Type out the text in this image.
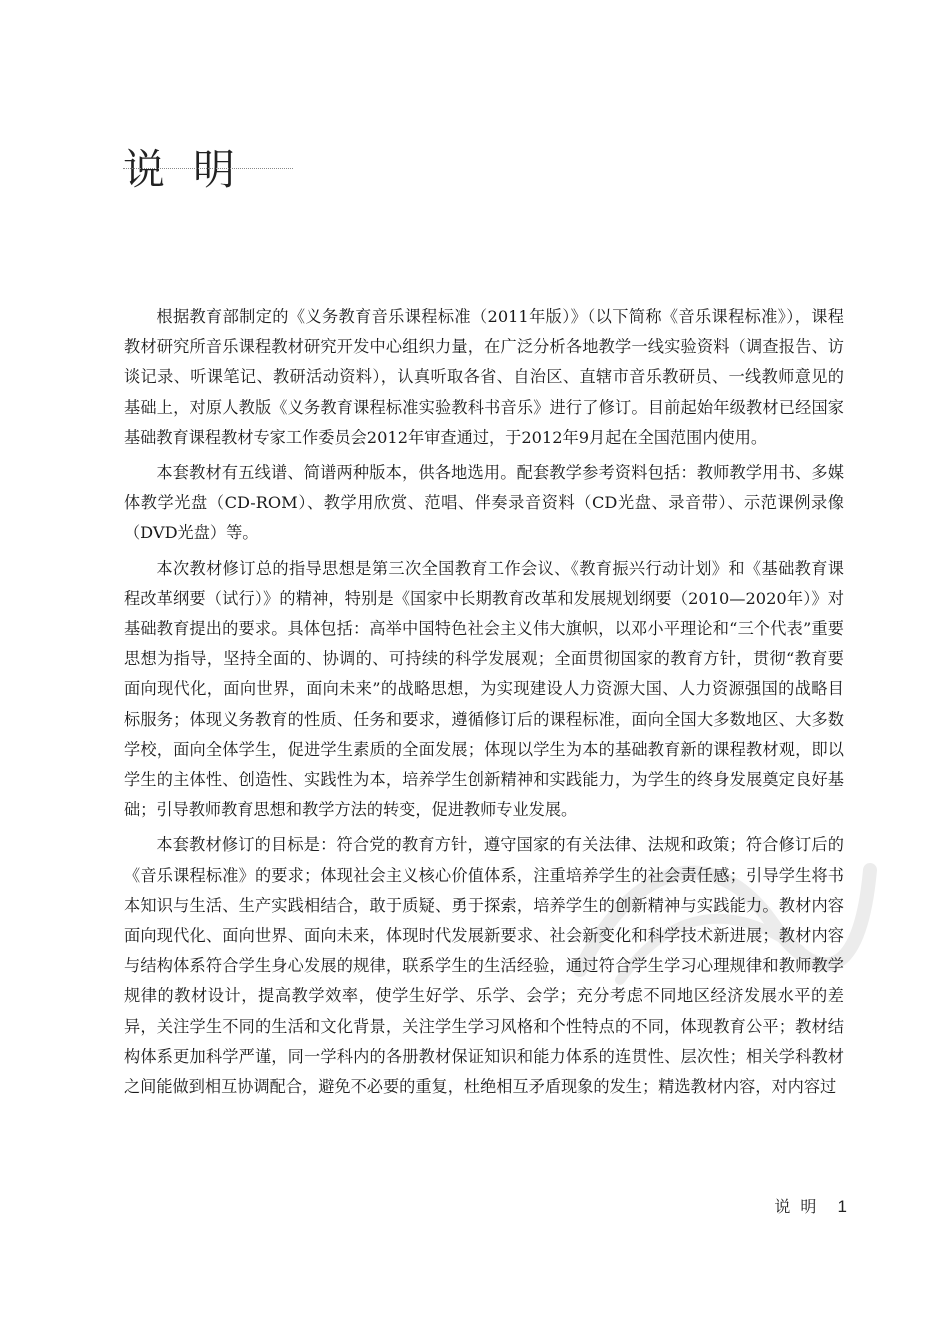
说明

根据教育部制定的《义务教育音乐课程标准（2011年版）》（以下简称《音乐课程标准》），课程教材研究所音乐课程教材研究开发中心组织力量，在广泛分析各地教学一线实验资料（调查报告、访谈记录、听课笔记、教研活动资料），认真听取各省、自治区、直辖市音乐教研员、一线教师意见的基础上，对原人教版《义务教育课程标准实验教科书音乐》进行了修订。目前起始年级教材已经国家基础教育课程教材专家工作委员会2012年审查通过，于2012年9月起在全国范围内使用。

本套教材有五线谱、简谱两种版本，供各地选用。配套教学参考资料包括：教师教学用书、多媒体教学光盘（CD-ROM）、教学用欣赏、范唱、伴奏录音资料（CD光盘、录音带）、示范课例录像（DVD光盘）等。

本次教材修订总的指导思想是第三次全国教育工作会议、《教育振兴行动计划》和《基础教育课程改革纲要（试行）》的精神，特别是《国家中长期教育改革和发展规划纲要（2010—2020年）》对基础教育提出的要求。具体包括：高举中国特色社会主义伟大旗帜，以邓小平理论和“三个代表”重要思想为指导，坚持全面的、协调的、可持续的科学发展观；全面贯彻国家的教育方针，贯彻“教育要面向现代化，面向世界，面向未来”的战略思想，为实现建设人力资源大国、人力资源强国的战略目标服务；体现义务教育的性质、任务和要求，遵循修订后的课程标准，面向全国大多数地区、大多数学校，面向全体学生，促进学生素质的全面发展；体现以学生为本的基础教育新的课程教材观，即以学生的主体性、创造性、实践性为本，培养学生创新精神和实践能力，为学生的终身发展奠定良好基础；引导教师教育思想和教学方法的转变，促进教师专业发展。

本套教材修订的目标是：符合党的教育方针，遵守国家的有关法律、法规和政策；符合修订后的《音乐课程标准》的要求；体现社会主义核心价值体系，注重培养学生的社会责任感；引导学生将书本知识与生活、生产实践相结合，敢于质疑、勇于探索，培养学生的创新精神与实践能力。教材内容面向现代化、面向世界、面向未来，体现时代发展新要求、社会新变化和科学技术新进展；教材内容与结构体系符合学生身心发展的规律，联系学生的生活经验，通过符合学生学习心理规律和教师教学规律的教材设计，提高教学效率，使学生好学、乐学、会学；充分考虑不同地区经济发展水平的差异，关注学生不同的生活和文化背景，关注学生学习风格和个性特点的不同，体现教育公平；教材结构体系更加科学严谨，同一学科内的各册教材保证知识和能力体系的连贯性、层次性；相关学科教材之间能做到相互协调配合，避免不必要的重复，杜绝相互矛盾现象的发生；精选教材内容，对内容过

说明 1
